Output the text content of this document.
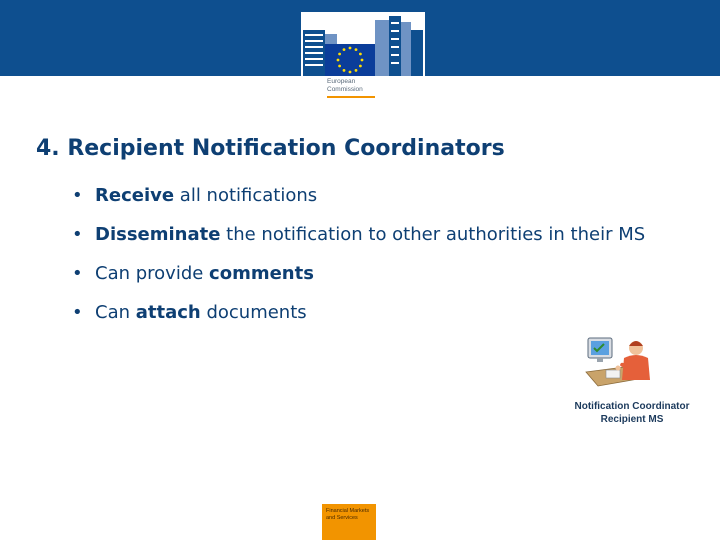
European
Commission
4. Recipient Notification Coordinators
• Receive all notifications
• Disseminate the notification to other authorities in their MS
• Can provide comments
• Can attach documents
Notification Coordinator
Recipient MS
Financial Markets
and Services
